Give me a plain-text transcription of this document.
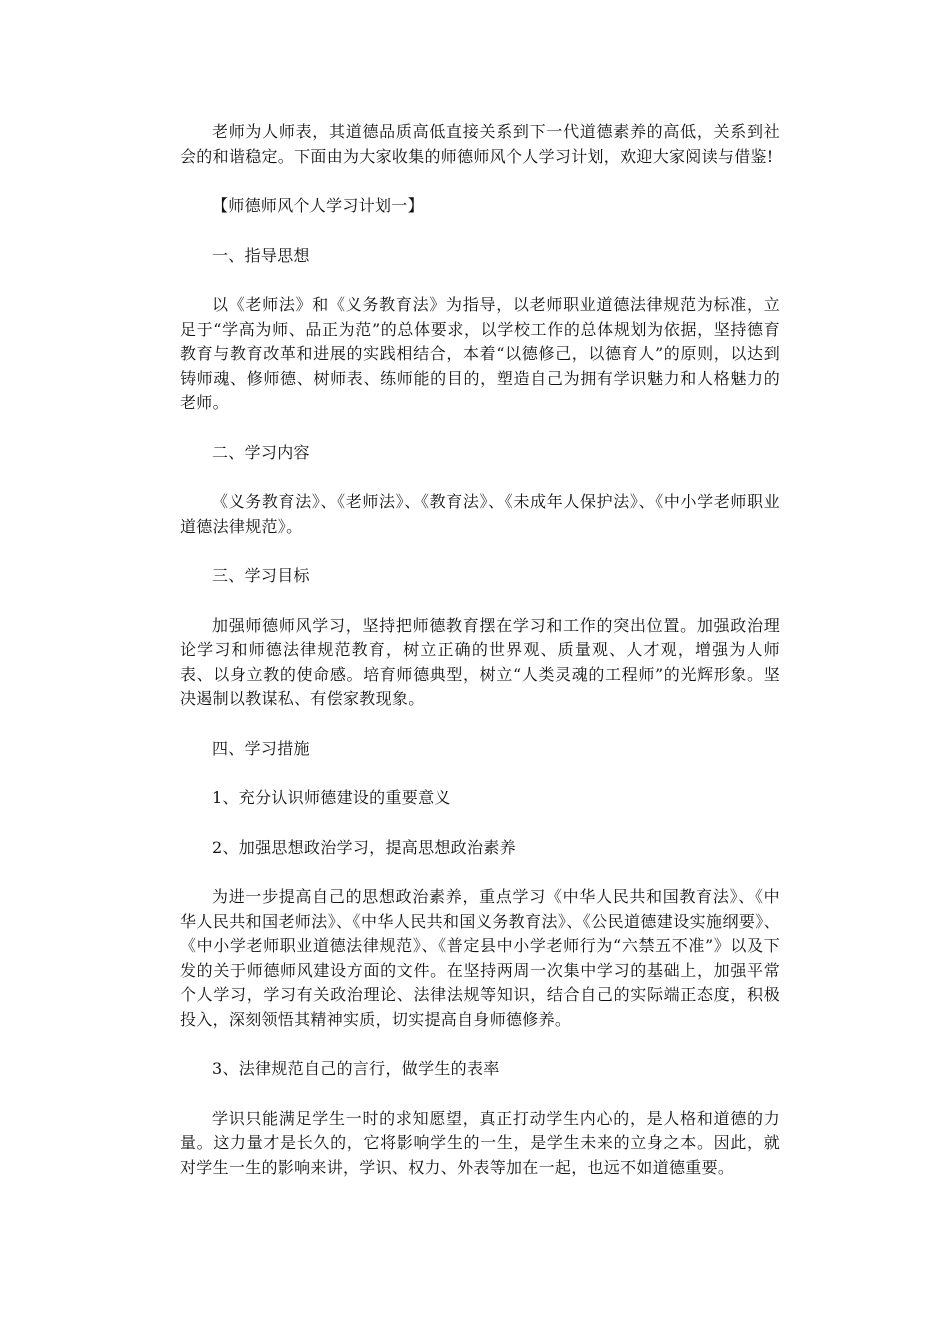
老师为人师表，其道德品质高低直接关系到下一代道德素养的高低，关系到社会的和谐稳定。下面由为大家收集的师德师风个人学习计划，欢迎大家阅读与借鉴!

【师德师风个人学习计划一】

一、指导思想

以《老师法》和《义务教育法》为指导，以老师职业道德法律规范为标准，立足于“学高为师、品正为范”的总体要求，以学校工作的总体规划为依据，坚持德育教育与教育改革和进展的实践相结合，本着“以德修己，以德育人”的原则，以达到铸师魂、修师德、树师表、练师能的目的，塑造自己为拥有学识魅力和人格魅力的老师。

二、学习内容

《义务教育法》、《老师法》、《教育法》、《未成年人保护法》、《中小学老师职业道德法律规范》。

三、学习目标

加强师德师风学习，坚持把师德教育摆在学习和工作的突出位置。加强政治理论学习和师德法律规范教育，树立正确的世界观、质量观、人才观，增强为人师表、以身立教的使命感。培育师德典型，树立“人类灵魂的工程师”的光辉形象。坚决遏制以教谋私、有偿家教现象。

四、学习措施

1、充分认识师德建设的重要意义

2、加强思想政治学习，提高思想政治素养

为进一步提高自己的思想政治素养，重点学习《中华人民共和国教育法》、《中华人民共和国老师法》、《中华人民共和国义务教育法》、《公民道德建设实施纲要》、《中小学老师职业道德法律规范》、《普定县中小学老师行为“六禁五不准”》以及下发的关于师德师风建设方面的文件。在坚持两周一次集中学习的基础上，加强平常个人学习，学习有关政治理论、法律法规等知识，结合自己的实际端正态度，积极投入，深刻领悟其精神实质，切实提高自身师德修养。

3、法律规范自己的言行，做学生的表率

学识只能满足学生一时的求知愿望，真正打动学生内心的，是人格和道德的力量。这力量才是长久的，它将影响学生的一生，是学生未来的立身之本。因此，就对学生一生的影响来讲，学识、权力、外表等加在一起，也远不如道德重要。
